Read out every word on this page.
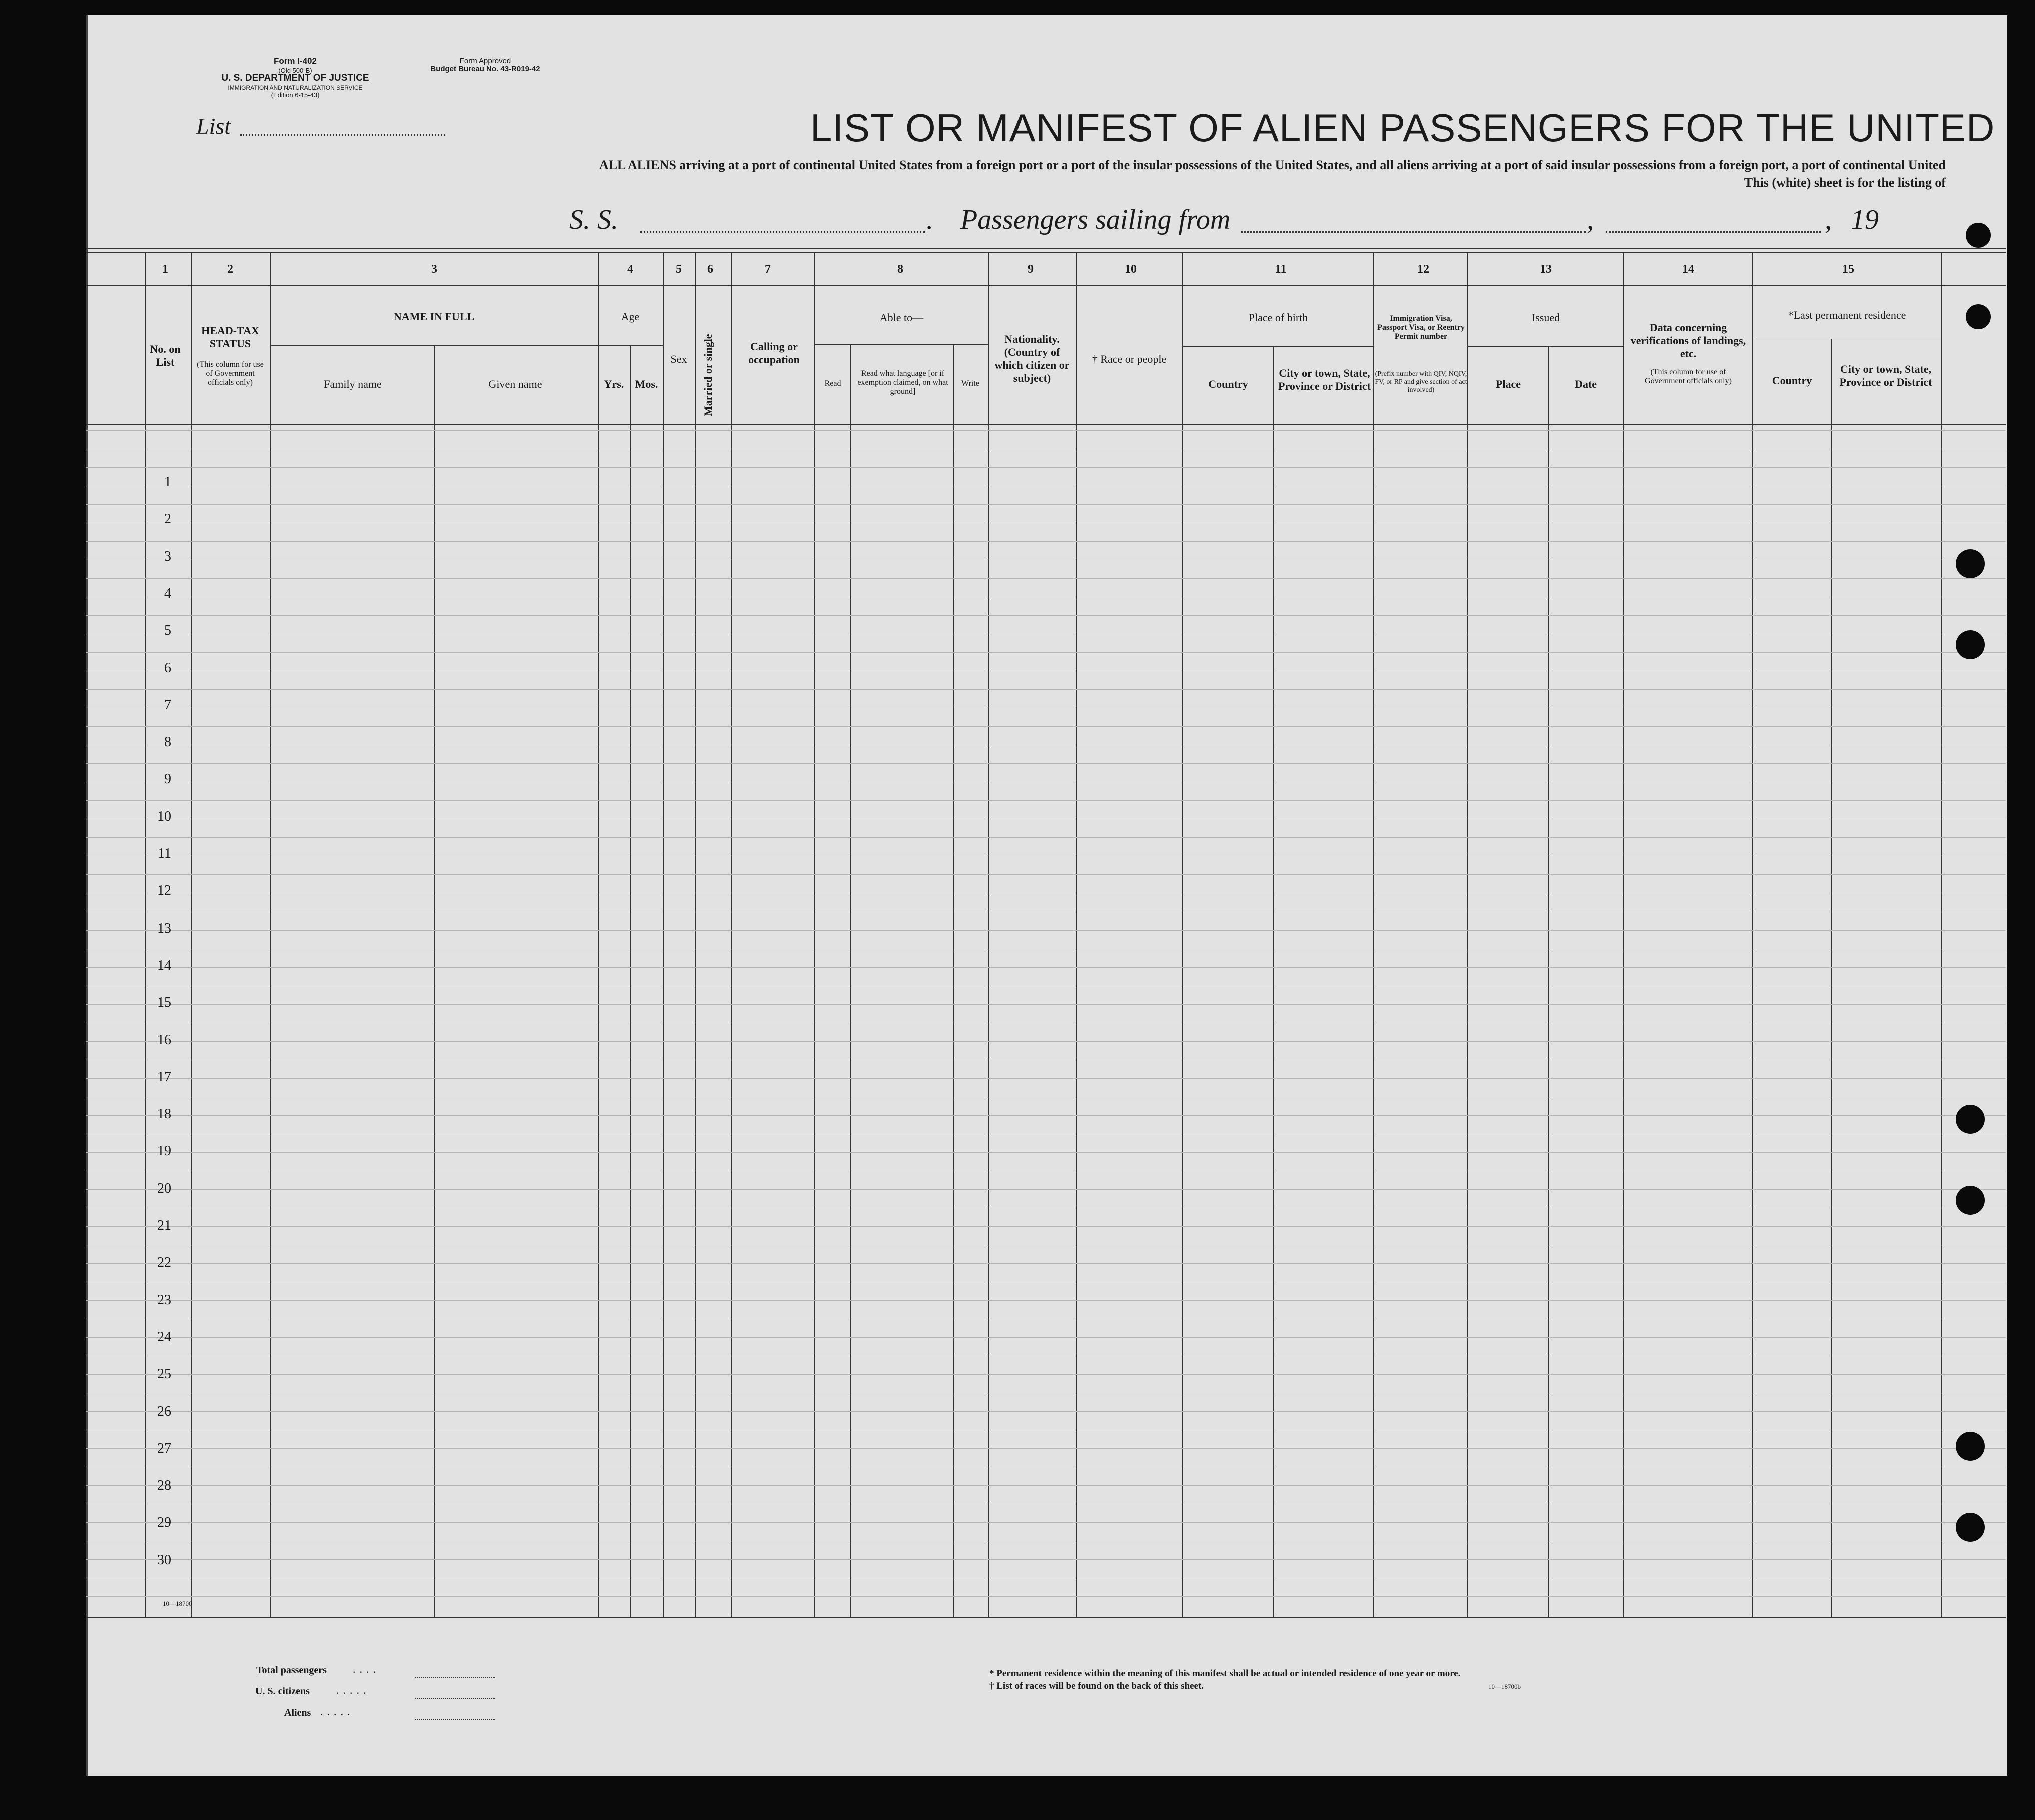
Form I-402
(Old 500-B)
U. S. DEPARTMENT OF JUSTICE
IMMIGRATION AND NATURALIZATION SERVICE
(Edition 6-15-43)
Form Approved
Budget Bureau No. 43-R019-42
List	LIST OR MANIFEST OF ALIEN PASSENGERS FOR THE UNITED
ALL ALIENS arriving at a port of continental United States from a foreign port or a port of the insular possessions of the United States, and all aliens arriving at a port of said insular possessions from a foreign port, a port of continental United
This (white) sheet is for the listing of
S. S.	. Passengers sailing from	,	, 19
1	2	3	4	5	6	7	8	9	10	11	12	13	14	15
No. on List
HEAD-TAX STATUS
(This column for use of Government officials only)
NAME IN FULL
Family name	Given name
Age
Yrs.	Mos.
Sex	Married or single	Calling or occupation
Able to—
Read
Read what language [or if exemption claimed, on what ground]
Write
Nationality. (Country of which citizen or subject)
† Race or people
Place of birth
Country
City or town, State, Province or District
Immigration Visa, Passport Visa, or Reentry Permit number
(Prefix number with QIV, NQIV, FV, or RP and give section of act involved)
Issued
Place	Date
Data concerning verifications of landings, etc.
(This column for use of Government officials only)
*Last permanent residence
Country
City or town, State, Province or District
1
2
3
4
5
6
7
8
9
10
11
12
13
14
15
16
17
18
19
20
21
22
23
24
25
26
27
28
29
30
10—18700
Total passengers ....
U. S. citizens .....
Aliens .....
* Permanent residence within the meaning of this manifest shall be actual or intended residence of one year or more.
† List of races will be found on the back of this sheet.	10—18700b
